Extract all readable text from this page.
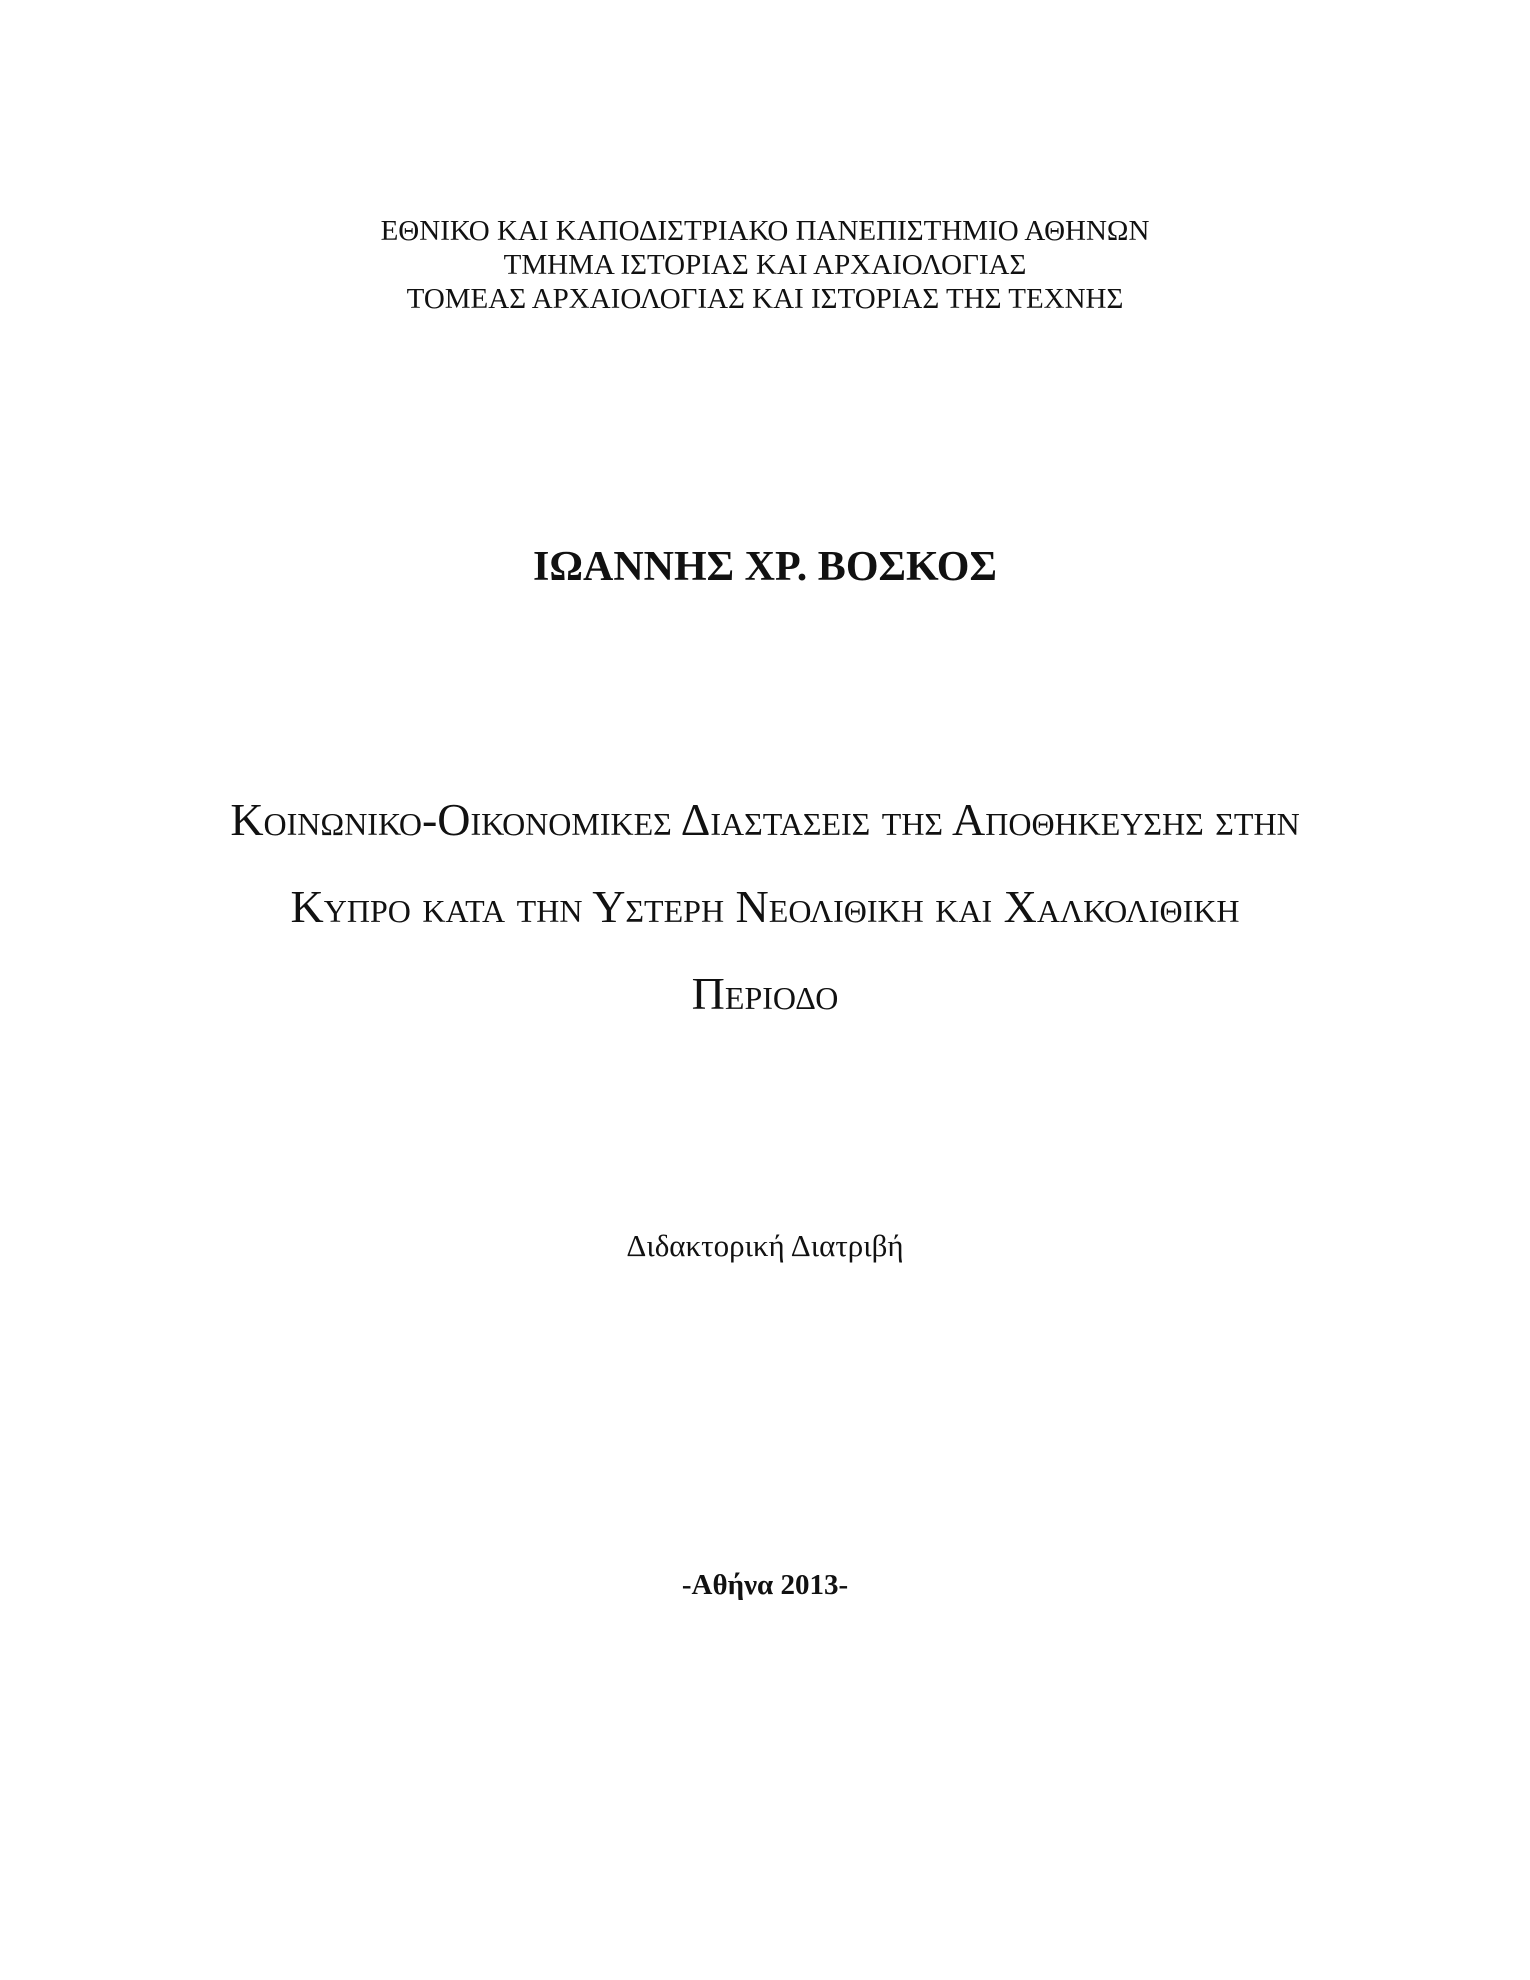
ΕΘΝΙΚΟ ΚΑΙ ΚΑΠΟΔΙΣΤΡΙΑΚΟ ΠΑΝΕΠΙΣΤΗΜΙΟ ΑΘΗΝΩΝ
ΤΜΗΜΑ ΙΣΤΟΡΙΑΣ ΚΑΙ ΑΡΧΑΙΟΛΟΓΙΑΣ
ΤΟΜΕΑΣ ΑΡΧΑΙΟΛΟΓΙΑΣ ΚΑΙ ΙΣΤΟΡΙΑΣ ΤΗΣ ΤΕΧΝΗΣ
ΙΩΑΝΝΗΣ ΧΡ. ΒΟΣΚΟΣ
Κοινωνικο-Οικονομικες Διαστασεις της Αποθηκευσης στην
Κυπρο κατα την Υστερη Νεολιθικη και Χαλκολιθικη
Περιοδο
Διδακτορική Διατριβή
-Αθήνα 2013-
